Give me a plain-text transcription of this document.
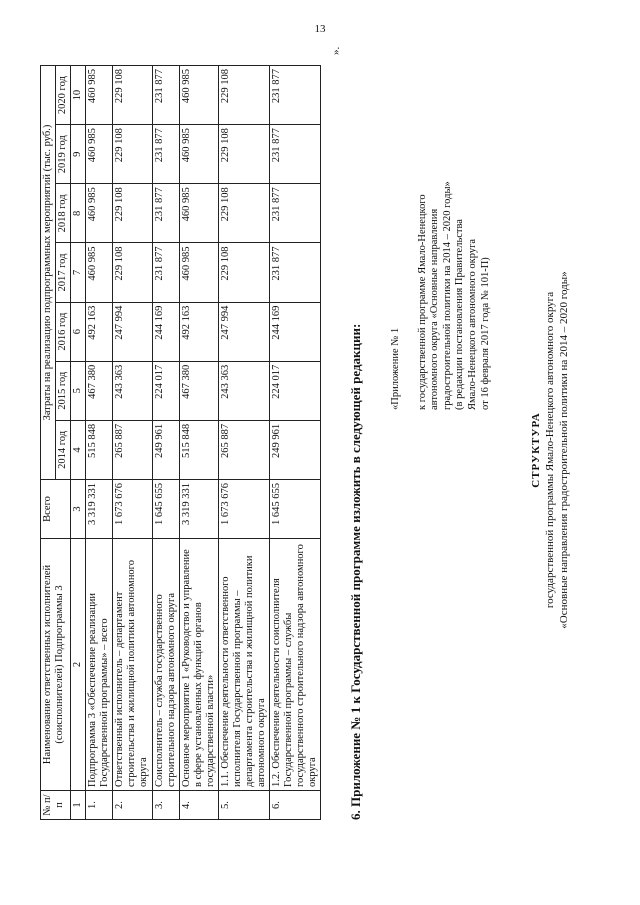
13
№ п/п	Наименование ответственных исполнителей (соисполнителей) Подпрограммы 3	Всего	Затраты на реализацию подпрограммных мероприятий (тыс. руб.)						
			2014 год	2015 год	2016 год	2017 год	2018 год	2019 год	2020 год
1	2	3	4	5	6	7	8	9	10
1.	Подпрограмма 3 «Обеспечение реализации Государственной программы» – всего	3 319 331	515 848	467 380	492 163	460 985	460 985	460 985	460 985
2.	Ответственный исполнитель – департамент строительства и жилищной политики автономного округа	1 673 676	265 887	243 363	247 994	229 108	229 108	229 108	229 108
3.	Соисполнитель – служба государственного строительного надзора автономного округа	1 645 655	249 961	224 017	244 169	231 877	231 877	231 877	231 877
4.	Основное мероприятие 1 «Руководство и управление в сфере установленных функций органов государственной власти»	3 319 331	515 848	467 380	492 163	460 985	460 985	460 985	460 985
5.	1.1. Обеспечение деятельности ответственного исполнителя Государственной программы – департамента строительства и жилищной политики автономного округа	1 673 676	265 887	243 363	247 994	229 108	229 108	229 108	229 108
6.	1.2. Обеспечение деятельности соисполнителя Государственной программы – службы государственного строительного надзора автономного округа	1 645 655	249 961	224 017	244 169	231 877	231 877	231 877	231 877
».
6. Приложение № 1 к Государственной программе изложить в следующей редакции:	«Приложение № 1 к государственной программе Ямало-Ненецкого автономного округа «Основные направления градостроительной политики на 2014 – 2020 годы» (в редакции постановления Правительства Ямало-Ненецкого автономного округа от 16 февраля 2017 года № 101-П)
СТРУКТУРА государственной программы Ямало-Ненецкого автономного округа «Основные направления градостроительной политики на 2014 – 2020 годы»
